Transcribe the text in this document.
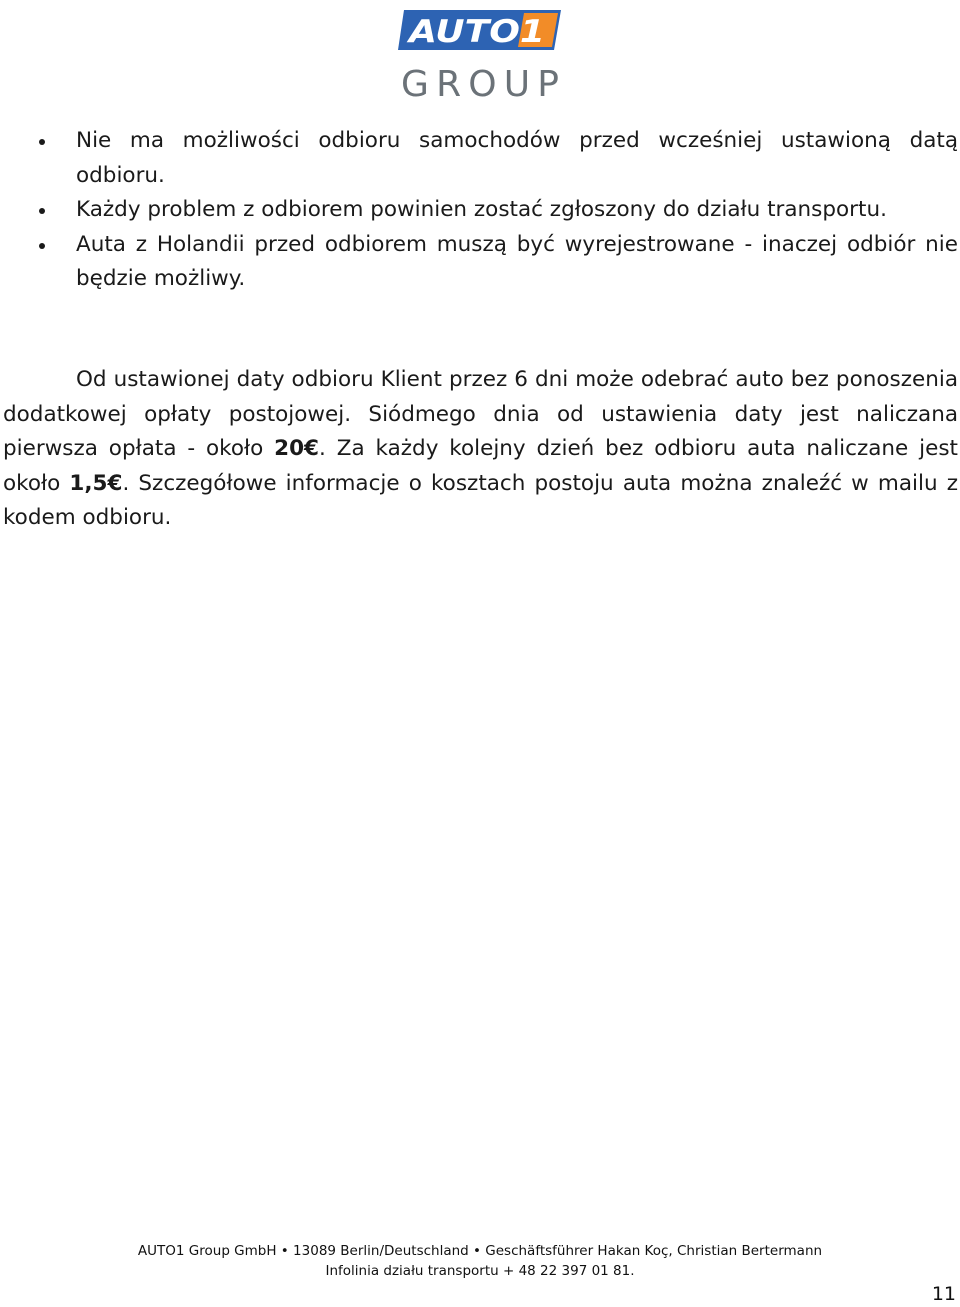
AUTO1
GROUP
Nie ma możliwości odbioru samochodów przed wcześniej ustawioną datą odbioru.
Każdy problem z odbiorem powinien zostać zgłoszony do działu transportu.
Auta z Holandii przed odbiorem muszą być wyrejestrowane - inaczej odbiór nie będzie możliwy.

Od ustawionej daty odbioru Klient przez 6 dni może odebrać auto bez ponoszenia dodatkowej opłaty postojowej. Siódmego dnia od ustawienia daty jest naliczana pierwsza opłata - około 20€. Za każdy kolejny dzień bez odbioru auta naliczane jest około 1,5€. Szczegółowe informacje o kosztach postoju auta można znaleźć w mailu z kodem odbioru.

AUTO1 Group GmbH • 13089 Berlin/Deutschland • Geschäftsführer Hakan Koç, Christian Bertermann
Infolinia działu transportu + 48 22 397 01 81.
11
